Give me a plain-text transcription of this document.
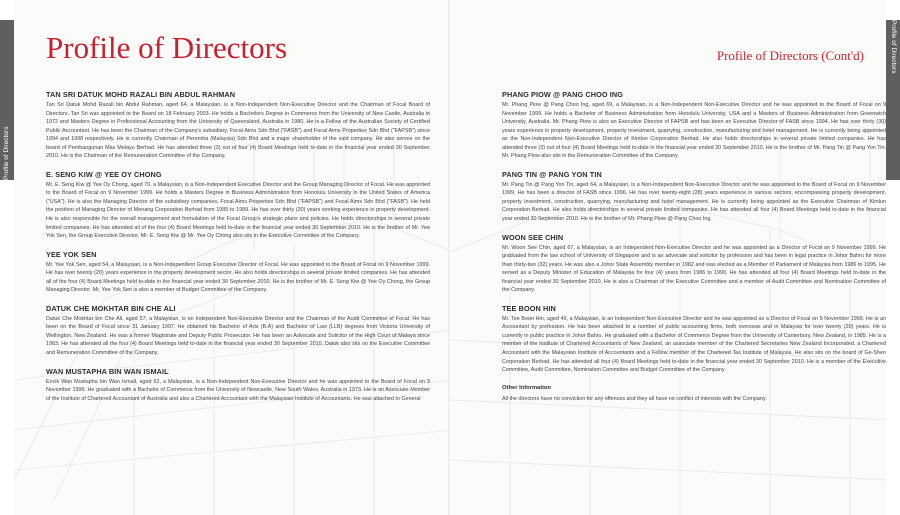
Profile of Directors
Profile of Directors
TAN SRI DATUK MOHD RAZALI BIN ABDUL RAHMAN

Tan Sri Datuk Mohd Razali bin Abdul Rahman, aged 64, a Malaysian, is a Non-Independent Non-Executive Director and the Chairman of Focal Board of Directors. Tan Sri was appointed to the Board on 18 February 2003. He holds a Bachelors Degree in Commerce from the University of New Castle, Australia in 1972 and Masters Degree in Professional Accounting from the University of Queensland, Australia in 1980. He is a Fellow of the Australian Society of Certified Public Accountant. He has been the Chairman of the Company's subsidiary, Focal Aims Sdn Bhd ("FASB") and Focal Aims Properties Sdn Bhd ("FAPSB") since 1994 and 1998 respectively. He is currently Chairman of Peremba (Malaysia) Sdn Bhd and a major shareholder of the said company. He also serves on the board of Pembangunan Mas Melayu Berhad. He has attended three (3) out of four (4) Board Meetings held to-date in the financial year ended 30 September 2010. He is the Chairman of the Remuneration Committee of the Company.

E. SENG KIW @ YEE OY CHONG

Mr. E. Seng Kiw @ Yee Oy Chong, aged 70, a Malaysian, is a Non-Independent Executive Director and the Group Managing Director of Focal. He was appointed to the Board of Focal on 9 November 1999. He holds a Masters Degree in Business Administration from Honolulu University in the United States of America ("USA"). He is also the Managing Director of the subsidiary companies, Focal Aims Properties Sdn Bhd ("FAPSB") and Focal Aims Sdn Bhd ("FASB"). He held the position of Managing Director of Menang Corporation Berhad from 1985 to 1989. He has over thirty (30) years working experience in property development. He is also responsible for the overall management and formulation of the Focal Group's strategic plans and policies. He holds directorships in several private limited companies. He has attended all of the four (4) Board Meetings held to-date in the financial year ended 30 September 2010. He is the brother of Mr. Yee Yok Sen, the Group Executive Director, Mr. E. Seng Kiw @ Mr. Yee Oy Chong also sits in the Executive Committee of the Company.

YEE YOK SEN

Mr. Yee Yok Sen, aged 54, a Malaysian, is a Non-Independent Group Executive Director of Focal. He was appointed to the Board of Focal on 9 November 1999. He has over twenty (20) years experience in the property development sector. He also holds directorships in several private limited companies. He has attended all of the four (4) Board Meetings held to-date in the financial year ended 30 September 2010. He is the brother of Mr. E. Seng Kiw @ Yee Oy Chong, the Group Managing Director. Mr. Yee Yok Sen is also a member of Budget Committee of the Company.

DATUK CHE MOKHTAR BIN CHE ALI

Datuk Che Mokhtar bin Che Ali, aged 57, a Malaysian, is an Independent Non-Executive Director and the Chairman of the Audit Committee of Focal. He has been on the Board of Focal since 31 January 1997. He obtained his Bachelor of Arts (B.A) and Bachelor of Law (LLB) degrees from Victoria University of Wellington, New Zealand. He was a former Magistrate and Deputy Public Prosecutor. He has been an Advocate and Solicitor of the High Court of Malaya since 1983. He has attended all the four (4) Board Meetings held to-date in the financial year ended 30 September 2010. Datuk also sits on the Executive Committee and Remuneration Committee of the Company.

WAN MUSTAPHA BIN WAN ISMAIL

Encik Wan Mustapha bin Wan Ismail, aged 62, a Malaysian, is a Non-Independent Non-Executive Director and he was appointed to the Board of Focal on 9 November 1999. He graduated with a Bachelor of Commerce from the University of Newcastle, New South Wales, Australia in 1973. He is an Associate Member of the Institute of Chartered Accountant of Australia and also a Chartered Accountant with the Malaysian Institute of Accountants. He was attached to General

Profile of Directors (Cont'd)
PHANG PIOW @ PANG CHOO ING

Mr. Phang Piow @ Pang Choo Ing, aged 69, a Malaysian, is a Non-Independent Non-Executive Director and he was appointed to the Board of Focal on 9 November 1999. He holds a Bachelor of Business Administration from Honolulu University, USA and a Masters of Business Administration from Greenwich University, Australia. Mr. Phang Piow is also an Executive Director of FAPSB and has been an Executive Director of FASB since 1994. He has over thirty (30) years experience in property development, property investment, quarrying, construction, manufacturing and hotel management. He is currently being appointed as the Non-Independent Non-Executive Director of Kimlun Corporation Berhad. He also holds directorships in several private limited companies. He has attended three (3) out of four (4) Board Meetings held to-date in the financial year ended 30 September 2010. He is the brother of Mr. Pang Tin @ Pang Yon Tin. Mr. Phang Piow also sits in the Remuneration Committee of the Company.

PANG TIN @ PANG YON TIN

Mr. Pang Tin @ Pang Yon Tin, aged 64, a Malaysian, is a Non-Independent Non-Executive Director and he was appointed to the Board of Focal on 9 November 1999. He has been a director of FASB since 1996. He has over twenty-eight (28) years experience in various sectors, encompassing property development, property investment, construction, quarrying, manufacturing and hotel management. He is currently being appointed as the Executive Chairman of Kimlun Corporation Berhad. He also holds directorships in several private limited companies. He has attended all four (4) Board Meetings held to-date in the financial year ended 30 September 2010. He is the brother of Mr. Phang Piow @ Pang Choo Ing.

WOON SEE CHIN

Mr. Woon See Chin, aged 67, a Malaysian, is an Independent Non-Executive Director and he was appointed as a Director of Focal on 9 November 1999. He graduated from the law school of University of Singapore and is an advocate and solicitor by profession and has been in legal practice in Johor Bahru for more than thirty-two (32) years. He was also a Johor State Assembly member in 1982 and was elected as a Member of Parliament of Malaysia from 1986 to 1995. He served as a Deputy Minister of Education of Malaysia for four (4) years from 1986 to 1990. He has attended all four (4) Board Meetings held to-date in the financial year ended 30 September 2010. He is also a Chairman of the Executive Committee and a member of Audit Committee and Nomination Committee of the Company.

TEE BOON HIN

Mr. Tee Boon Hin, aged 49, a Malaysian, is an Independent Non-Executive Director and he was appointed as a Director of Focal on 9 November 1999. He is an Accountant by profession. He has been attached to a number of public accounting firms, both overseas and in Malaysia for over twenty (20) years. He is currently in public practice in Johor Bahru. He graduated with a Bachelor of Commerce Degree from the University of Canterbury, New Zealand, in 1985. He is a member of the Institute of Chartered Accountants of New Zealand, an associate member of the Chartered Secretaries New Zealand Incorporated, a Chartered Accountant with the Malaysian Institute of Accountants and a Fellow member of the Chartered Tax Institute of Malaysia. He also sits on the board of Ge-Shen Corporation Berhad. He has attended all four (4) Board Meetings held to-date in the financial year ended 30 September 2010. He is a member of the Executive Committee, Audit Committee, Nomination Committee and Budget Committee of the Company.

Other Information

All the directors have no conviction for any offences and they all have no conflict of interests with the Company.

Profile of Directors
